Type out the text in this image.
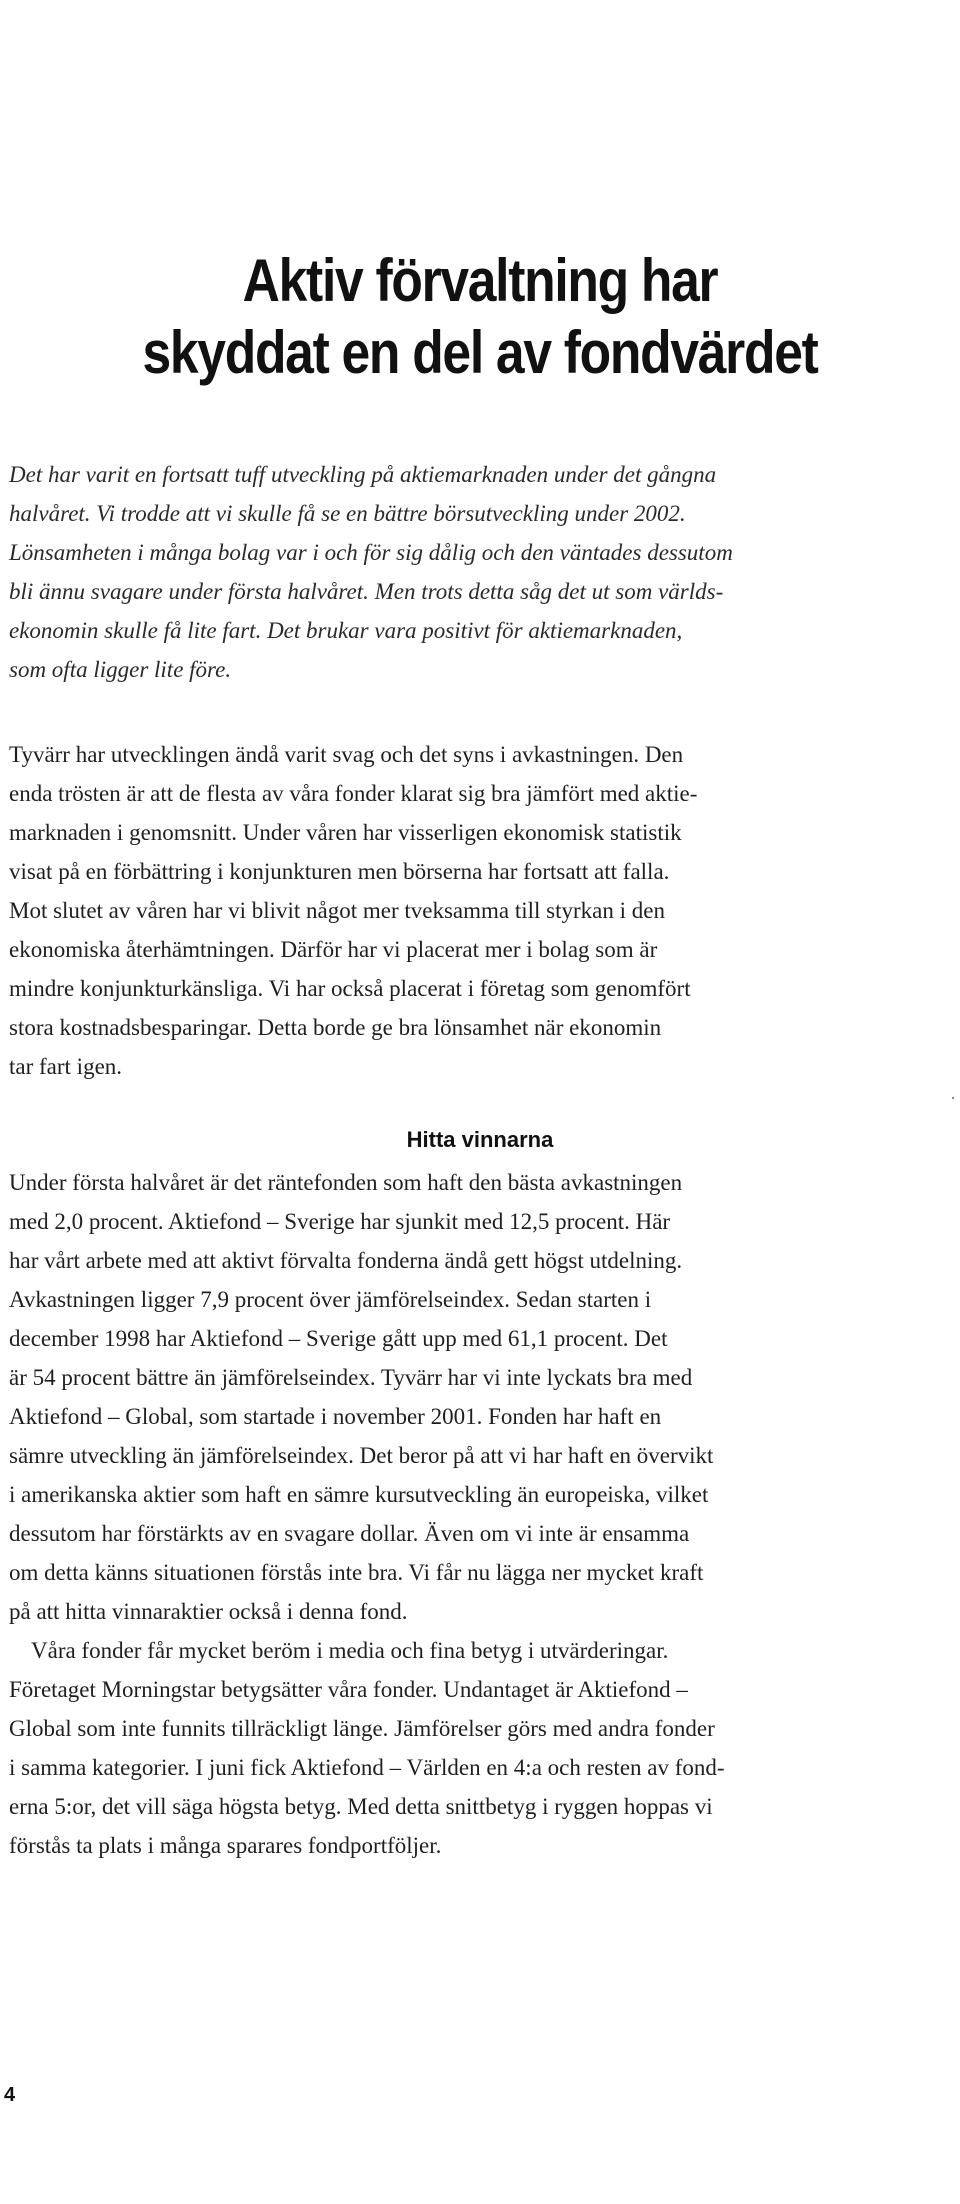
Aktiv förvaltning har
skyddat en del av fondvärdet

Det har varit en fortsatt tuff utveckling på aktiemarknaden under det gångna

halvåret. Vi trodde att vi skulle få se en bättre börsutveckling under 2002.

Lönsamheten i många bolag var i och för sig dålig och den väntades dessutom

bli ännu svagare under första halvåret. Men trots detta såg det ut som världs-

ekonomin skulle få lite fart. Det brukar vara positivt för aktiemarknaden,

som ofta ligger lite före.

Tyvärr har utvecklingen ändå varit svag och det syns i avkastningen. Den

enda trösten är att de flesta av våra fonder klarat sig bra jämfört med aktie-

marknaden i genomsnitt. Under våren har visserligen ekonomisk statistik

visat på en förbättring i konjunkturen men börserna har fortsatt att falla.

Mot slutet av våren har vi blivit något mer tveksamma till styrkan i den

ekonomiska återhämtningen. Därför har vi placerat mer i bolag som är

mindre konjunkturkänsliga. Vi har också placerat i företag som genomfört

stora kostnadsbesparingar. Detta borde ge bra lönsamhet när ekonomin

tar fart igen.

Hitta vinnarna

Under första halvåret är det räntefonden som haft den bästa avkastningen

med 2,0 procent. Aktiefond – Sverige har sjunkit med 12,5 procent. Här

har vårt arbete med att aktivt förvalta fonderna ändå gett högst utdelning.

Avkastningen ligger 7,9 procent över jämförelseindex. Sedan starten i

december 1998 har Aktiefond – Sverige gått upp med 61,1 procent. Det

är 54 procent bättre än jämförelseindex. Tyvärr har vi inte lyckats bra med

Aktiefond – Global, som startade i november 2001. Fonden har haft en

sämre utveckling än jämförelseindex. Det beror på att vi har haft en övervikt

i amerikanska aktier som haft en sämre kursutveckling än europeiska, vilket

dessutom har förstärkts av en svagare dollar. Även om vi inte är ensamma

om detta känns situationen förstås inte bra. Vi får nu lägga ner mycket kraft

på att hitta vinnaraktier också i denna fond.

Våra fonder får mycket beröm i media och fina betyg i utvärderingar.

Företaget Morningstar betygsätter våra fonder. Undantaget är Aktiefond –

Global som inte funnits tillräckligt länge. Jämförelser görs med andra fonder

i samma kategorier. I juni fick Aktiefond – Världen en 4:a och resten av fond-

erna 5:or, det vill säga högsta betyg. Med detta snittbetyg i ryggen hoppas vi

förstås ta plats i många sparares fondportföljer.

4
